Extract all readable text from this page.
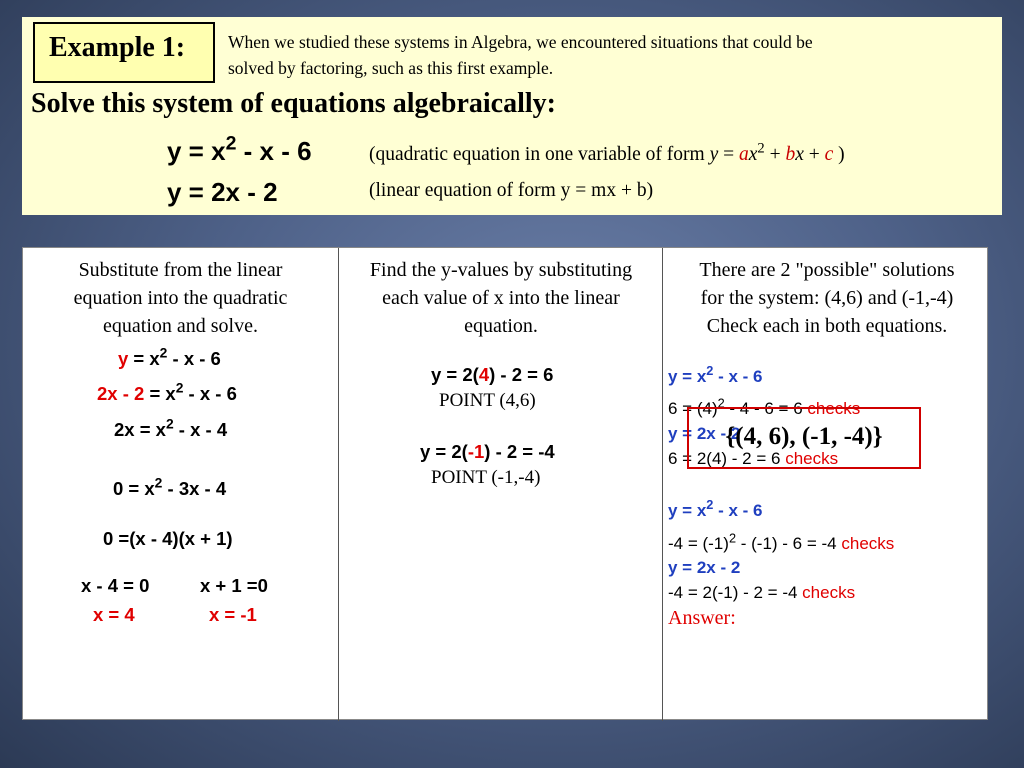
Example 1:	When we studied these systems in Algebra, we encountered situations that could be
solved by factoring, such as this first example.
Solve this system of equations algebraically:
$y = x^2 - x - 6$	(quadratic equation in one variable of form $y = ax^2$ + bx + c )
y = 2x - 2	(linear equation of form y = mx + b)
Substitute from the linear
equation into the quadratic
equation and solve.
$y = x^2 - x - 6$
$2x - 2 = x^2 - x - 6$
$2x = x^2 - x - 4$
$0 = x^2 - 3x - 4$
0 =(x - 4)(x + 1)
x - 4 = 0	x + 1 =0
x = 4	x = -1
Find the y-values by substituting
each value of x into the linear
equation.
y = 2(4) - 2 = 6
POINT (4,6)
y = 2(-1) - 2 = -4
POINT (-1,-4)
There are 2 "possible" solutions
for the system: (4,6) and (-1,-4)
Check each in both equations.
$y = x^2 - x - 6$
$6 = (4)^2 - 4 - 6 = 6$ checks
y = 2x - 2
6 = 2(4) - 2 = 6 checks
$y = x^2 - x - 6$
$-4 = (-1)^2 - (-1) - 6 = -4$ checks
y = 2x - 2
-4 = 2(-1) - 2 = -4 checks
Answer:
{(4, 6), (-1, -4)}
